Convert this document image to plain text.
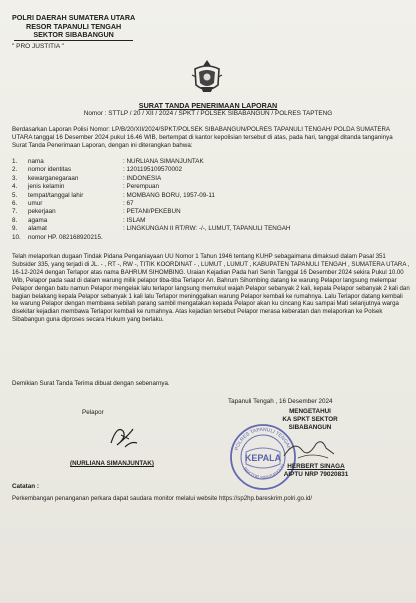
POLRI DAERAH SUMATERA UTARA
RESOR TAPANULI TENGAH
SEKTOR SIBABANGUN
" PRO JUSTITIA "
SURAT TANDA PENERIMAAN LAPORAN
Nomor : STTLP / 20 / XII / 2024 / SPKT / POLSEK SIBABANGUN / POLRES TAPTENG
Berdasarkan Laporan Polisi Nomor: LP/B/20/XII/2024/SPKT/POLSEK SIBABANGUN/POLRES TAPANULI TENGAH/ POLDA SUMATERA UTARA tanggal 16 Desember 2024 pukul 16.46 WIB, bertempat di kantor kepolisian tersebut di atas, pada hari, tanggal ditanda tanganinya Surat Tanda Penerimaan Laporan, dengan ini diterangkan bahwa:
1.	nama	: NURLIANA SIMANJUNTAK
2.	nomor identitas	: 1201195109570002
3.	kewarganegaraan	: INDONESIA
4.	jenis kelamin	: Perempuan
5.	tempat/tanggal lahir	: MOMBANG BORU, 1957-09-11
6.	umur	: 67
7.	pekerjaan	: PETANI/PEKEBUN
8.	agama	: ISLAM
9.	alamat	: LINGKUNGAN II RT/RW: -/-, LUMUT, TAPANULI TENGAH
10.	nomor HP. 082168920215.
Telah melaporkan dugaan Tindak Pidana Penganiayaan UU Nomor 1 Tahun 1946 tentang KUHP sebagaimana dimaksud dalam Pasal 351 Subsider 335, yang terjadi di JL. - , RT -, RW -, TITIK KOORDINAT - , LUMUT , LUMUT , KABUPATEN TAPANULI TENGAH , SUMATERA UTARA , 16-12-2024 dengan Terlapor atas nama BAHRUM SIHOMBING. Uraian Kejadian Pada hari Senin Tanggal 16 Desember 2024 sekira Pukul 10.00 Wib, Pelapor pada saat di dalam warung milik pelapor tiba-tiba Terlapor An. Bahrum Sihombing datang ke warung Pelapor langsung melempar Pelapor dengan batu namun Pelapor mengelak lalu terlapor langsung memukul wajah Pelapor sebanyak 2 kali, kepala Pelapor sebanyak 2 kali dan bagian belakang kepala Pelapor sebanyak 1 kali lalu Terlapor meninggalkan warung Pelapor kembali ke rumahnya. Lalu Terlapor datang kembali ke warung Pelapor dengan membawa sebilah parang sambil mengatakan kepada Pelapor akan ku cincang Kau sampai Mati selanjutnya warga disekitar kejadian membawa Terlapor kembali ke rumahnya. Atas kejadian tersebut Pelapor merasa keberatan dan melaporkan ke Polsek Sibabangun guna diproses secara Hukum yang berlaku.
Demikian Surat Tanda Terima dibuat dengan sebenarnya.
Tapanuli Tengah , 16 Desember 2024
MENGETAHUI
KA SPKT SEKTOR
SIBABANGUN
Pelapor
(NURLIANA SIMANJUNTAK)
KEPALA
POLRES TAPANULI TENGAH
SEKTOR SIBABANGUN HERBERT SINAGA
AIPTU NRP 79020831
Catatan :
Perkembangan penanganan perkara dapat saudara monitor melalui website https://sp2hp.bareskrim.polri.go.id/
